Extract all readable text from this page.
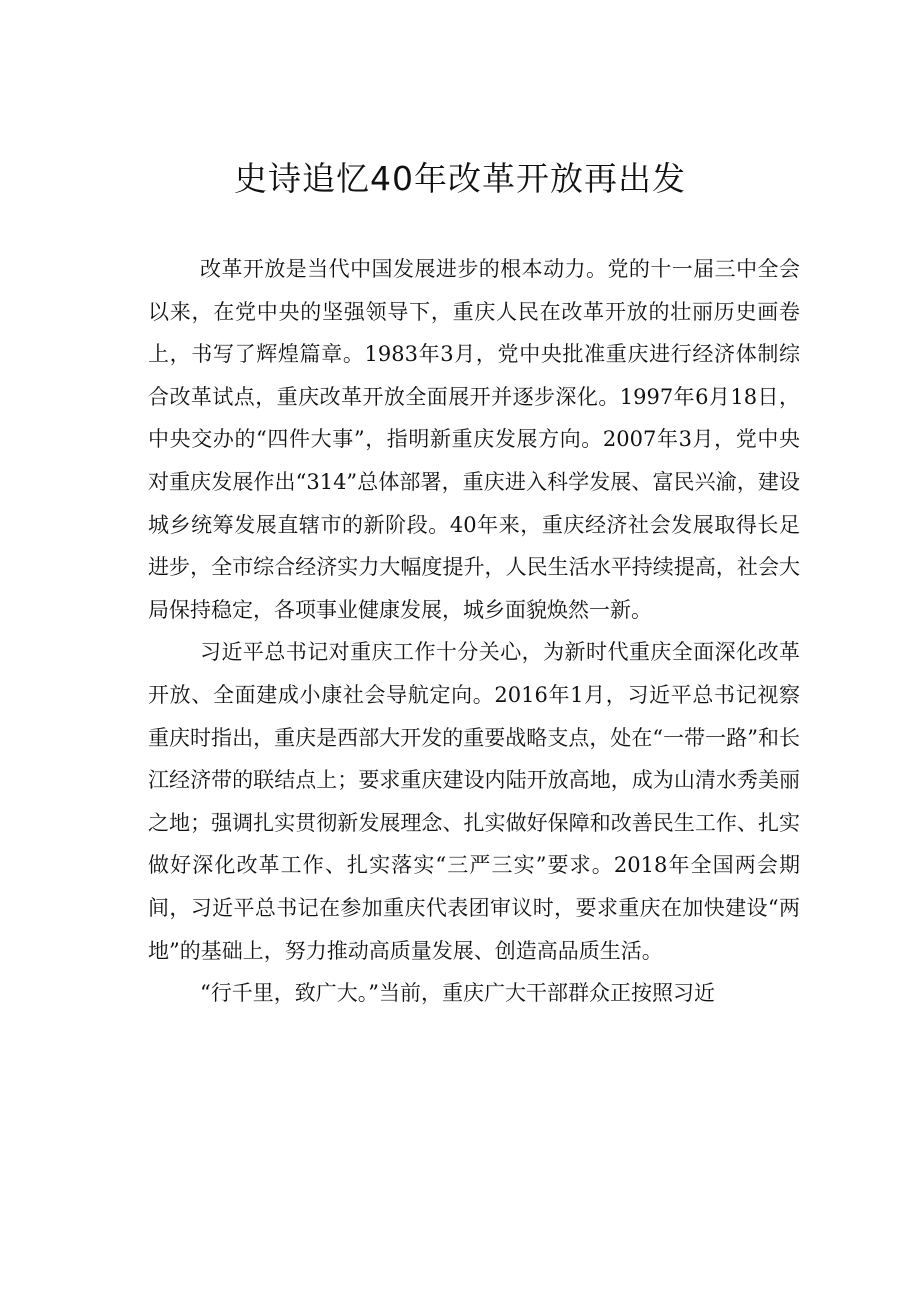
史诗追忆40年改革开放再出发

改革开放是当代中国发展进步的根本动力。党的十一届三中全会以来，在党中央的坚强领导下，重庆人民在改革开放的壮丽历史画卷上，书写了辉煌篇章。1983年3月，党中央批准重庆进行经济体制综合改革试点，重庆改革开放全面展开并逐步深化。1997年6月18日，中央交办的“四件大事”，指明新重庆发展方向。2007年3月，党中央对重庆发展作出“314”总体部署，重庆进入科学发展、富民兴渝，建设城乡统筹发展直辖市的新阶段。40年来，重庆经济社会发展取得长足进步，全市综合经济实力大幅度提升，人民生活水平持续提高，社会大局保持稳定，各项事业健康发展，城乡面貌焕然一新。

习近平总书记对重庆工作十分关心，为新时代重庆全面深化改革开放、全面建成小康社会导航定向。2016年1月，习近平总书记视察重庆时指出，重庆是西部大开发的重要战略支点，处在“一带一路”和长江经济带的联结点上；要求重庆建设内陆开放高地，成为山清水秀美丽之地；强调扎实贯彻新发展理念、扎实做好保障和改善民生工作、扎实做好深化改革工作、扎实落实“三严三实”要求。2018年全国两会期间，习近平总书记在参加重庆代表团审议时，要求重庆在加快建设“两地”的基础上，努力推动高质量发展、创造高品质生活。

“行千里，致广大。”当前，重庆广大干部群众正按照习近
